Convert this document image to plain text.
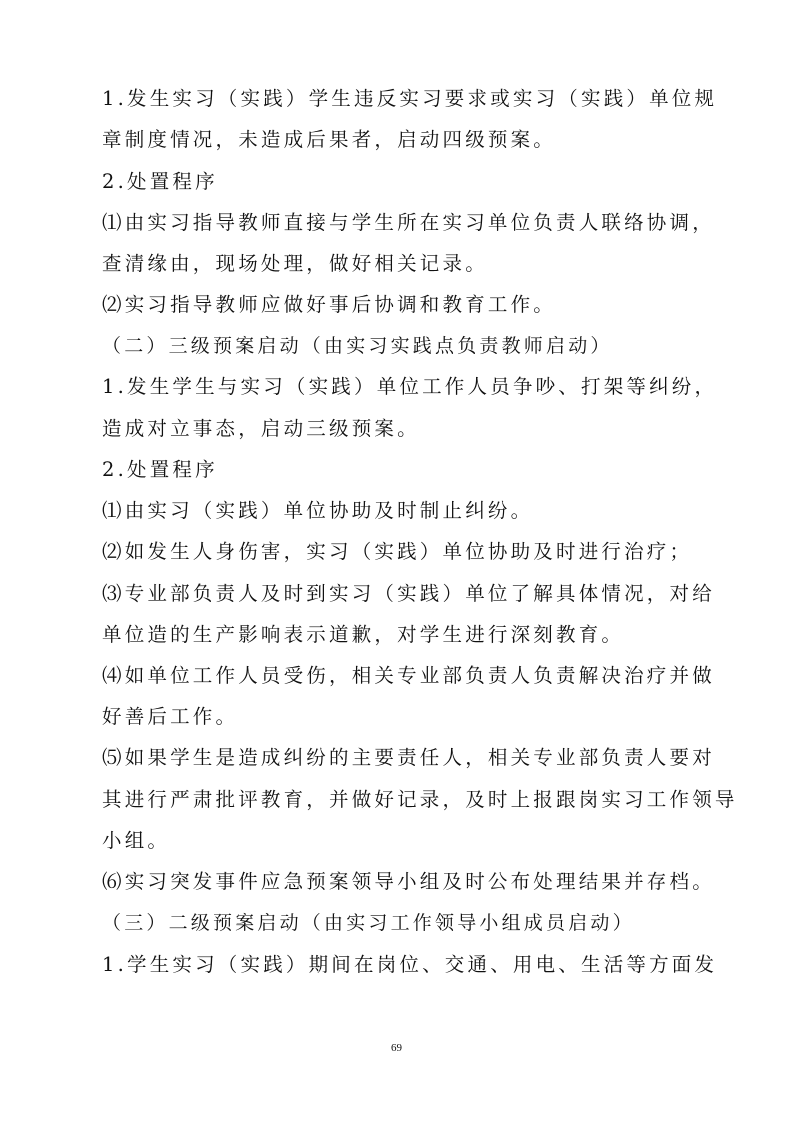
1.发生实习（实践）学生违反实习要求或实习（实践）单位规
章制度情况，未造成后果者，启动四级预案。
2.处置程序
⑴由实习指导教师直接与学生所在实习单位负责人联络协调，
查清缘由，现场处理，做好相关记录。
⑵实习指导教师应做好事后协调和教育工作。
（二）三级预案启动（由实习实践点负责教师启动）
1.发生学生与实习（实践）单位工作人员争吵、打架等纠纷，
造成对立事态，启动三级预案。
2.处置程序
⑴由实习（实践）单位协助及时制止纠纷。
⑵如发生人身伤害，实习（实践）单位协助及时进行治疗；
⑶专业部负责人及时到实习（实践）单位了解具体情况，对给
单位造的生产影响表示道歉，对学生进行深刻教育。
⑷如单位工作人员受伤，相关专业部负责人负责解决治疗并做
好善后工作。
⑸如果学生是造成纠纷的主要责任人，相关专业部负责人要对
其进行严肃批评教育，并做好记录，及时上报跟岗实习工作领导
小组。
⑹实习突发事件应急预案领导小组及时公布处理结果并存档。
（三）二级预案启动（由实习工作领导小组成员启动）
1.学生实习（实践）期间在岗位、交通、用电、生活等方面发
69
